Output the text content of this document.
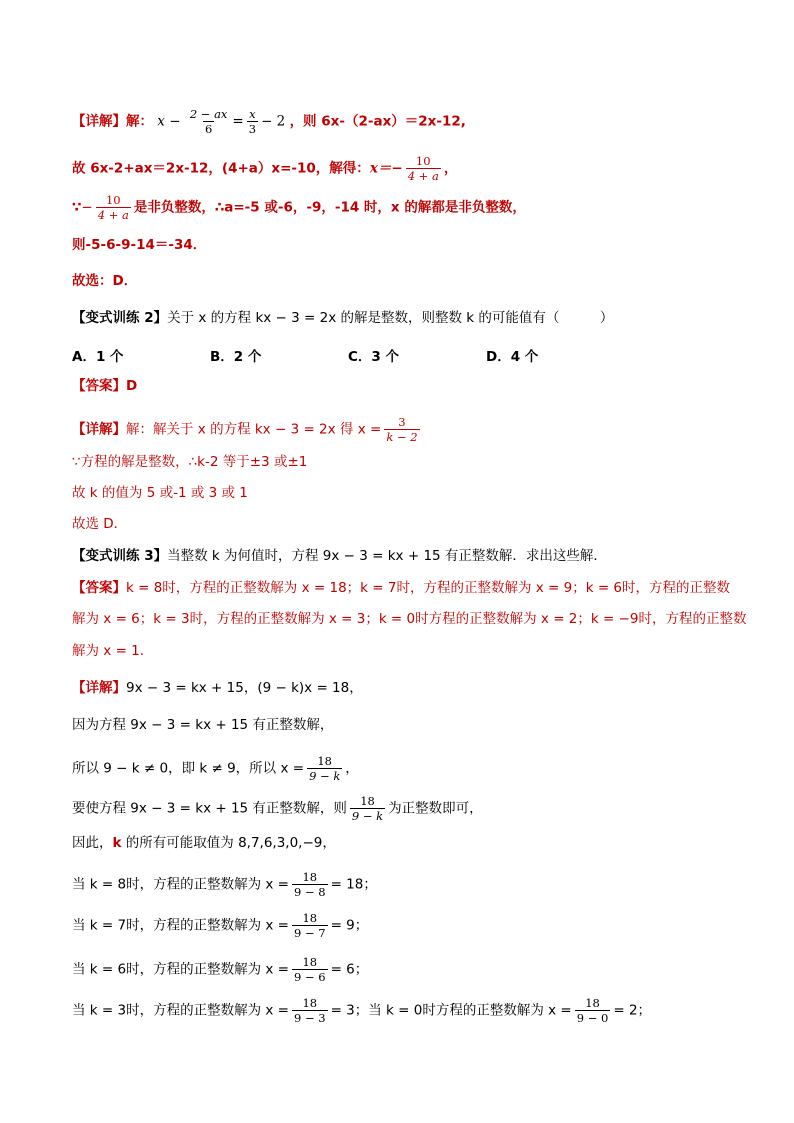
【详解】解： $x - \frac{2 - ax}{6} = \frac{x}{3} - 2$ ，则 6x-（2-ax）＝2x-12,
故 6x-2+ax＝2x-12，(4+a）x=-10，解得：$x=- \frac{10}{4 + a}$ ，
∵− $\frac{10}{4 + a}$ 是非负整数，∴a=-5 或-6，-9，-14 时，x 的解都是非负整数，
则-5-6-9-14＝-34．
故选：D．
【变式训练 2】关于 x 的方程 kx − 3 = 2x 的解是整数，则整数 k 的可能值有（　　　）
A．1 个	B．2 个	C．3 个	D．4 个
【答案】D
【详解】解：解关于 x 的方程 kx − 3 = 2x 得 $x = \frac{3}{k - 2}$
∵方程的解是整数，∴k-2 等于±3 或±1
故 k 的值为 5 或-1 或 3 或 1
故选 D．
【变式训练 3】当整数 k 为何值时，方程 9x − 3 = kx + 15 有正整数解．求出这些解．
【答案】k = 8时，方程的正整数解为 x = 18；k = 7时，方程的正整数解为 x = 9；k = 6时，方程的正整数
解为 x = 6；k = 3时，方程的正整数解为 x = 3；k = 0时方程的正整数解为 x = 2；k = −9时，方程的正整数
解为 x = 1．
【详解】9x − 3 = kx + 15，(9 − k)x = 18，
因为方程 9x − 3 = kx + 15 有正整数解，
所以 9 − k ≠ 0，即 k ≠ 9，所以 $x = \frac{18}{9 - k}$ ，
要使方程 9x − 3 = kx + 15 有正整数解，则 $\frac{18}{9 - k}$ 为正整数即可，
因此，k 的所有可能取值为 8,7,6,3,0,−9，
当 k = 8时，方程的正整数解为 $x = \frac{18}{9 - 8} = 18$；
当 k = 7时，方程的正整数解为 $x = \frac{18}{9 - 7} = 9$；
当 k = 6时，方程的正整数解为 $x = \frac{18}{9 - 6} = 6$；
当 k = 3时，方程的正整数解为 $x = \frac{18}{9 - 3} = 3$；当 k = 0时方程的正整数解为 $x = \frac{18}{9 - 0} = 2$；
